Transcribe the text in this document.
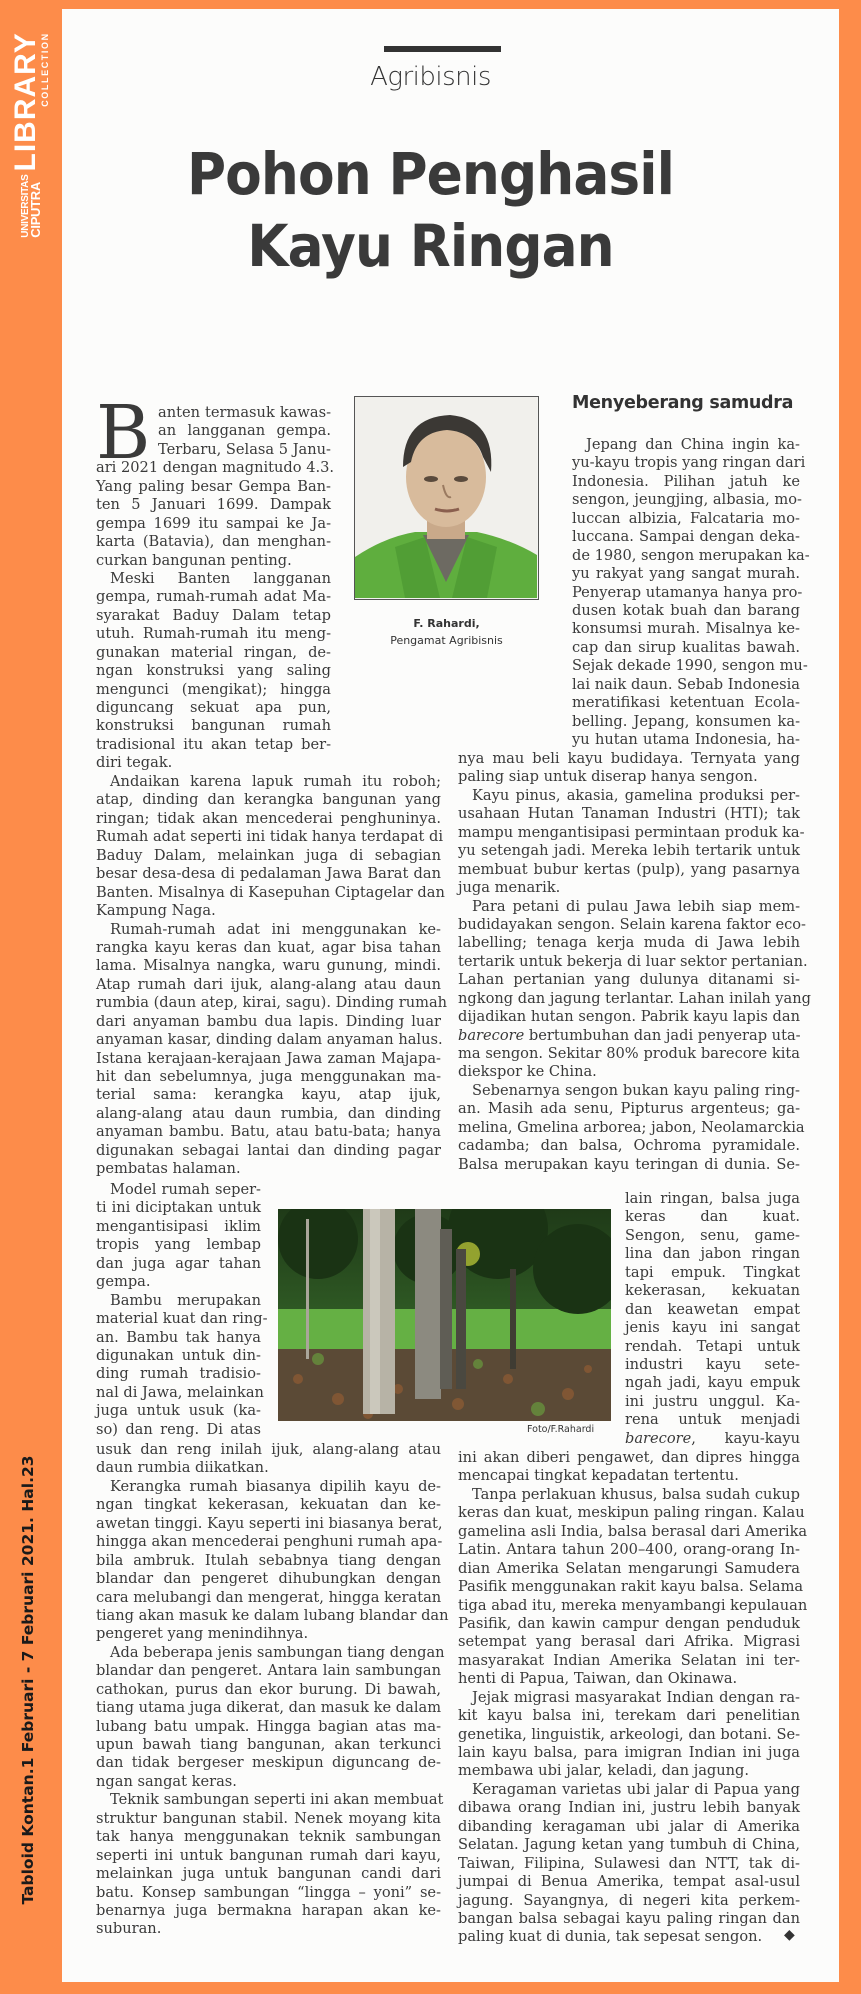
UNIVERSITAS
CIPUTRA
LIBRARY
COLLECTION
Tabloid Kontan.1 Februari - 7 Februari 2021. Hal.23
Agribisnis
Pohon Penghasil
Kayu Ringan
B anten termasuk kawas-
an langganan gempa.
Terbaru, Selasa 5 Janu-
ari 2021 dengan magnitudo 4.3.
Yang paling besar Gempa Ban-
ten 5 Januari 1699. Dampak
gempa 1699 itu sampai ke Ja-
karta (Batavia), dan menghan-
curkan bangunan penting.
Meski Banten langganan
gempa, rumah-rumah adat Ma-
syarakat Baduy Dalam tetap
utuh. Rumah-rumah itu meng-
gunakan material ringan, de-
ngan konstruksi yang saling
mengunci (mengikat); hingga
diguncang sekuat apa pun,
konstruksi bangunan rumah
tradisional itu akan tetap ber-
diri tegak.
F. Rahardi,
Pengamat Agribisnis
Menyeberang samudra
Jepang dan China ingin ka-
yu-kayu tropis yang ringan dari
Indonesia. Pilihan jatuh ke
sengon, jeungjing, albasia, mo-
luccan albizia, Falcataria mo-
luccana. Sampai dengan deka-
de 1980, sengon merupakan ka-
yu rakyat yang sangat murah.
Penyerap utamanya hanya pro-
dusen kotak buah dan barang
konsumsi murah. Misalnya ke-
cap dan sirup kualitas bawah.
Sejak dekade 1990, sengon mu-
lai naik daun. Sebab Indonesia
meratifikasi ketentuan Ecola-
belling. Jepang, konsumen ka-
yu hutan utama Indonesia, ha-
Andaikan karena lapuk rumah itu roboh;
atap, dinding dan kerangka bangunan yang
ringan; tidak akan mencederai penghuninya.
Rumah adat seperti ini tidak hanya terdapat di
Baduy Dalam, melainkan juga di sebagian
besar desa-desa di pedalaman Jawa Barat dan
Banten. Misalnya di Kasepuhan Ciptagelar dan
Kampung Naga.
Rumah-rumah adat ini menggunakan ke-
rangka kayu keras dan kuat, agar bisa tahan
lama. Misalnya nangka, waru gunung, mindi.
Atap rumah dari ijuk, alang-alang atau daun
rumbia (daun atep, kirai, sagu). Dinding rumah
dari anyaman bambu dua lapis. Dinding luar
anyaman kasar, dinding dalam anyaman halus.
Istana kerajaan-kerajaan Jawa zaman Majapa-
hit dan sebelumnya, juga menggunakan ma-
terial sama: kerangka kayu, atap ijuk,
alang-alang atau daun rumbia, dan dinding
anyaman bambu. Batu, atau batu-bata; hanya
digunakan sebagai lantai dan dinding pagar
pembatas halaman.
nya mau beli kayu budidaya. Ternyata yang
paling siap untuk diserap hanya sengon.
Kayu pinus, akasia, gamelina produksi per-
usahaan Hutan Tanaman Industri (HTI); tak
mampu mengantisipasi permintaan produk ka-
yu setengah jadi. Mereka lebih tertarik untuk
membuat bubur kertas (pulp), yang pasarnya
juga menarik.
Para petani di pulau Jawa lebih siap mem-
budidayakan sengon. Selain karena faktor eco-
labelling; tenaga kerja muda di Jawa lebih
tertarik untuk bekerja di luar sektor pertanian.
Lahan pertanian yang dulunya ditanami si-
ngkong dan jagung terlantar. Lahan inilah yang
dijadikan hutan sengon. Pabrik kayu lapis dan
barecore bertumbuhan dan jadi penyerap uta-
ma sengon. Sekitar 80% produk barecore kita
diekspor ke China.
Sebenarnya sengon bukan kayu paling ring-
an. Masih ada senu, Pipturus argenteus; ga-
melina, Gmelina arborea; jabon, Neolamarckia
cadamba; dan balsa, Ochroma pyramidale.
Balsa merupakan kayu teringan di dunia. Se-
Model rumah seper-
ti ini diciptakan untuk
mengantisipasi iklim
tropis yang lembap
dan juga agar tahan
gempa.
Bambu merupakan
material kuat dan ring-
an. Bambu tak hanya
digunakan untuk din-
ding rumah tradisio-
nal di Jawa, melainkan
juga untuk usuk (ka-
so) dan reng. Di atas	Foto/F.Rahardi
lain ringan, balsa juga
keras dan kuat.
Sengon, senu, game-
lina dan jabon ringan
tapi empuk. Tingkat
kekerasan, kekuatan
dan keawetan empat
jenis kayu ini sangat
rendah. Tetapi untuk
industri kayu sete-
ngah jadi, kayu empuk
ini justru unggul. Ka-
rena untuk menjadi
barecore, kayu-kayu
usuk dan reng inilah ijuk, alang-alang atau
daun rumbia diikatkan.
Kerangka rumah biasanya dipilih kayu de-
ngan tingkat kekerasan, kekuatan dan ke-
awetan tinggi. Kayu seperti ini biasanya berat,
hingga akan mencederai penghuni rumah apa-
bila ambruk. Itulah sebabnya tiang dengan
blandar dan pengeret dihubungkan dengan
cara melubangi dan mengerat, hingga keratan
tiang akan masuk ke dalam lubang blandar dan
pengeret yang menindihnya.
Ada beberapa jenis sambungan tiang dengan
blandar dan pengeret. Antara lain sambungan
cathokan, purus dan ekor burung. Di bawah,
tiang utama juga dikerat, dan masuk ke dalam
lubang batu umpak. Hingga bagian atas ma-
upun bawah tiang bangunan, akan terkunci
dan tidak bergeser meskipun diguncang de-
ngan sangat keras.
Teknik sambungan seperti ini akan membuat
struktur bangunan stabil. Nenek moyang kita
tak hanya menggunakan teknik sambungan
seperti ini untuk bangunan rumah dari kayu,
melainkan juga untuk bangunan candi dari
batu. Konsep sambungan “lingga – yoni” se-
benarnya juga bermakna harapan akan ke-
suburan.
ini akan diberi pengawet, dan dipres hingga
mencapai tingkat kepadatan tertentu.
Tanpa perlakuan khusus, balsa sudah cukup
keras dan kuat, meskipun paling ringan. Kalau
gamelina asli India, balsa berasal dari Amerika
Latin. Antara tahun 200–400, orang-orang In-
dian Amerika Selatan mengarungi Samudera
Pasifik menggunakan rakit kayu balsa. Selama
tiga abad itu, mereka menyambangi kepulauan
Pasifik, dan kawin campur dengan penduduk
setempat yang berasal dari Afrika. Migrasi
masyarakat Indian Amerika Selatan ini ter-
henti di Papua, Taiwan, dan Okinawa.
Jejak migrasi masyarakat Indian dengan ra-
kit kayu balsa ini, terekam dari penelitian
genetika, linguistik, arkeologi, dan botani. Se-
lain kayu balsa, para imigran Indian ini juga
membawa ubi jalar, keladi, dan jagung.
Keragaman varietas ubi jalar di Papua yang
dibawa orang Indian ini, justru lebih banyak
dibanding keragaman ubi jalar di Amerika
Selatan. Jagung ketan yang tumbuh di China,
Taiwan, Filipina, Sulawesi dan NTT, tak di-
jumpai di Benua Amerika, tempat asal-usul
jagung. Sayangnya, di negeri kita perkem-
bangan balsa sebagai kayu paling ringan dan
paling kuat di dunia, tak sepesat sengon.	◆
